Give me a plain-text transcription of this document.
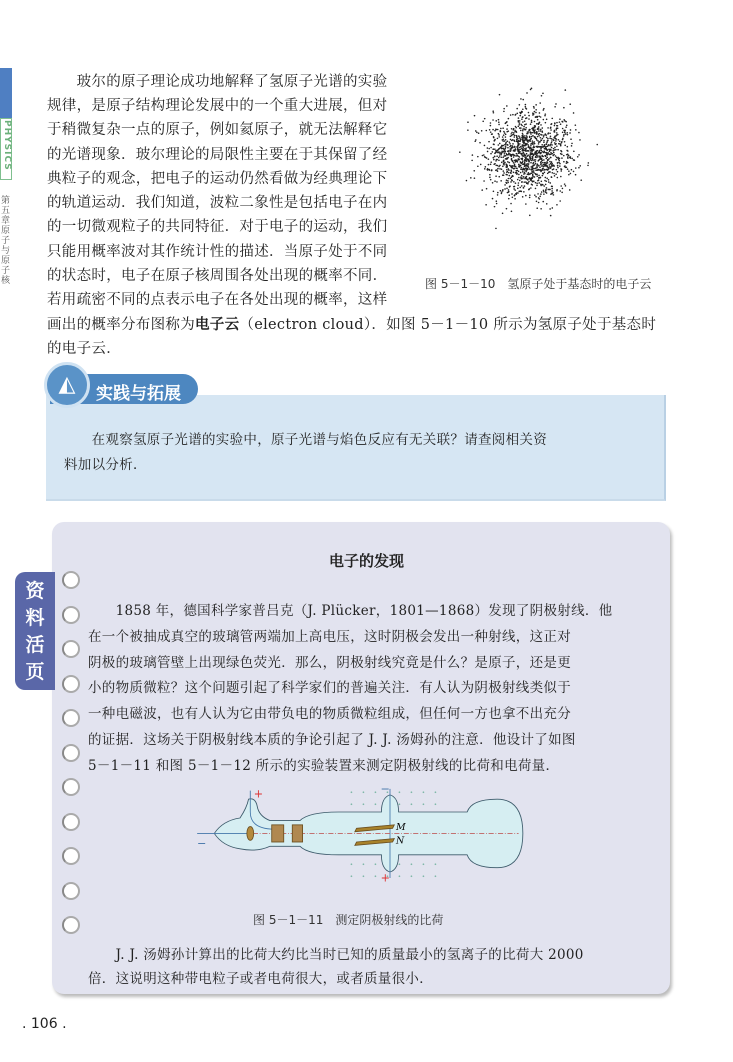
PHYSICS
第五章 原子与原子核
　　玻尔的原子理论成功地解释了氢原子光谱的实验
规律，是原子结构理论发展中的一个重大进展，但对
于稍微复杂一点的原子，例如氦原子，就无法解释它
的光谱现象．玻尔理论的局限性主要在于其保留了经
典粒子的观念，把电子的运动仍然看做为经典理论下
的轨道运动．我们知道，波粒二象性是包括电子在内
的一切微观粒子的共同特征．对于电子的运动，我们
只能用概率波对其作统计性的描述．当原子处于不同
的状态时，电子在原子核周围各处出现的概率不同．
若用疏密不同的点表示电子在各处出现的概率，这样
画出的概率分布图称为电子云（electron cloud）．如图 5－1－10 所示为氢原子处于基态时
的电子云．
图 5－1－10　氢原子处于基态时的电子云
◭	实践与拓展
　　在观察氢原子光谱的实验中，原子光谱与焰色反应有无关联？请查阅相关资
料加以分析．
资料活页
电子的发现
　　1858 年，德国科学家普吕克（J. Plücker，1801—1868）发现了阴极射线．他
在一个被抽成真空的玻璃管两端加上高电压，这时阴极会发出一种射线，这正对
阴极的玻璃管壁上出现绿色荧光．那么，阴极射线究竟是什么？是原子，还是更
小的物质微粒？这个问题引起了科学家们的普遍关注．有人认为阴极射线类似于
一种电磁波，也有人认为它由带负电的物质微粒组成，但任何一方也拿不出充分
的证据．这场关于阴极射线本质的争论引起了 J. J. 汤姆孙的注意．他设计了如图
5－1－11 和图 5－1－12 所示的实验装置来测定阴极射线的比荷和电荷量．
M
N
+
−
−
+
图 5－1－11　测定阴极射线的比荷
　　J. J. 汤姆孙计算出的比荷大约比当时已知的质量最小的氢离子的比荷大 2000
倍．这说明这种带电粒子或者电荷很大，或者质量很小．
. 106 .
